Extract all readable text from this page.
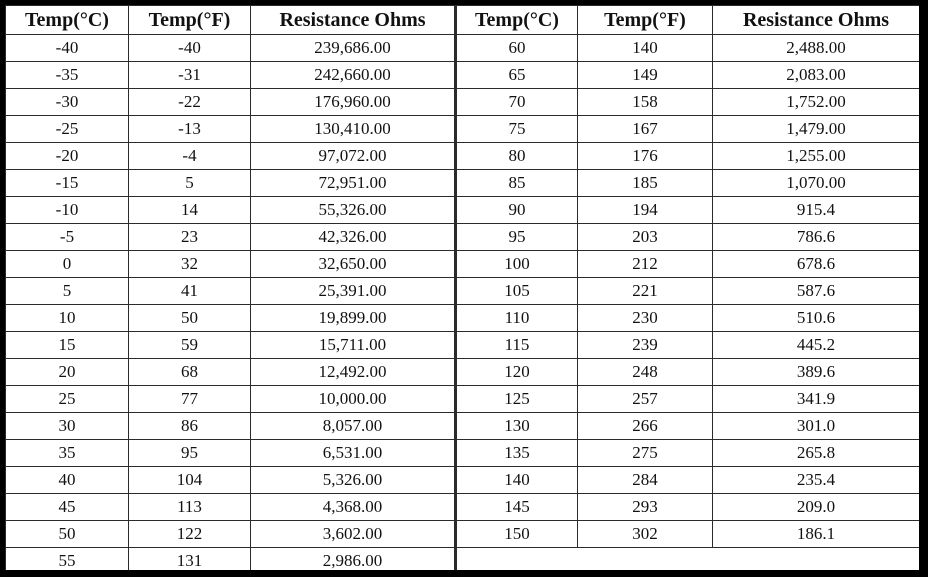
Temp(°C)	Temp(°F)	Resistance Ohms	Temp(°C)	Temp(°F)	Resistance Ohms
-40	-40	239,686.00	60	140	2,488.00
-35	-31	242,660.00	65	149	2,083.00
-30	-22	176,960.00	70	158	1,752.00
-25	-13	130,410.00	75	167	1,479.00
-20	-4	97,072.00	80	176	1,255.00
-15	5	72,951.00	85	185	1,070.00
-10	14	55,326.00	90	194	915.4
-5	23	42,326.00	95	203	786.6
0	32	32,650.00	100	212	678.6
5	41	25,391.00	105	221	587.6
10	50	19,899.00	110	230	510.6
15	59	15,711.00	115	239	445.2
20	68	12,492.00	120	248	389.6
25	77	10,000.00	125	257	341.9
30	86	8,057.00	130	266	301.0
35	95	6,531.00	135	275	265.8
40	104	5,326.00	140	284	235.4
45	113	4,368.00	145	293	209.0
50	122	3,602.00	150	302	186.1
55	131	2,986.00			
